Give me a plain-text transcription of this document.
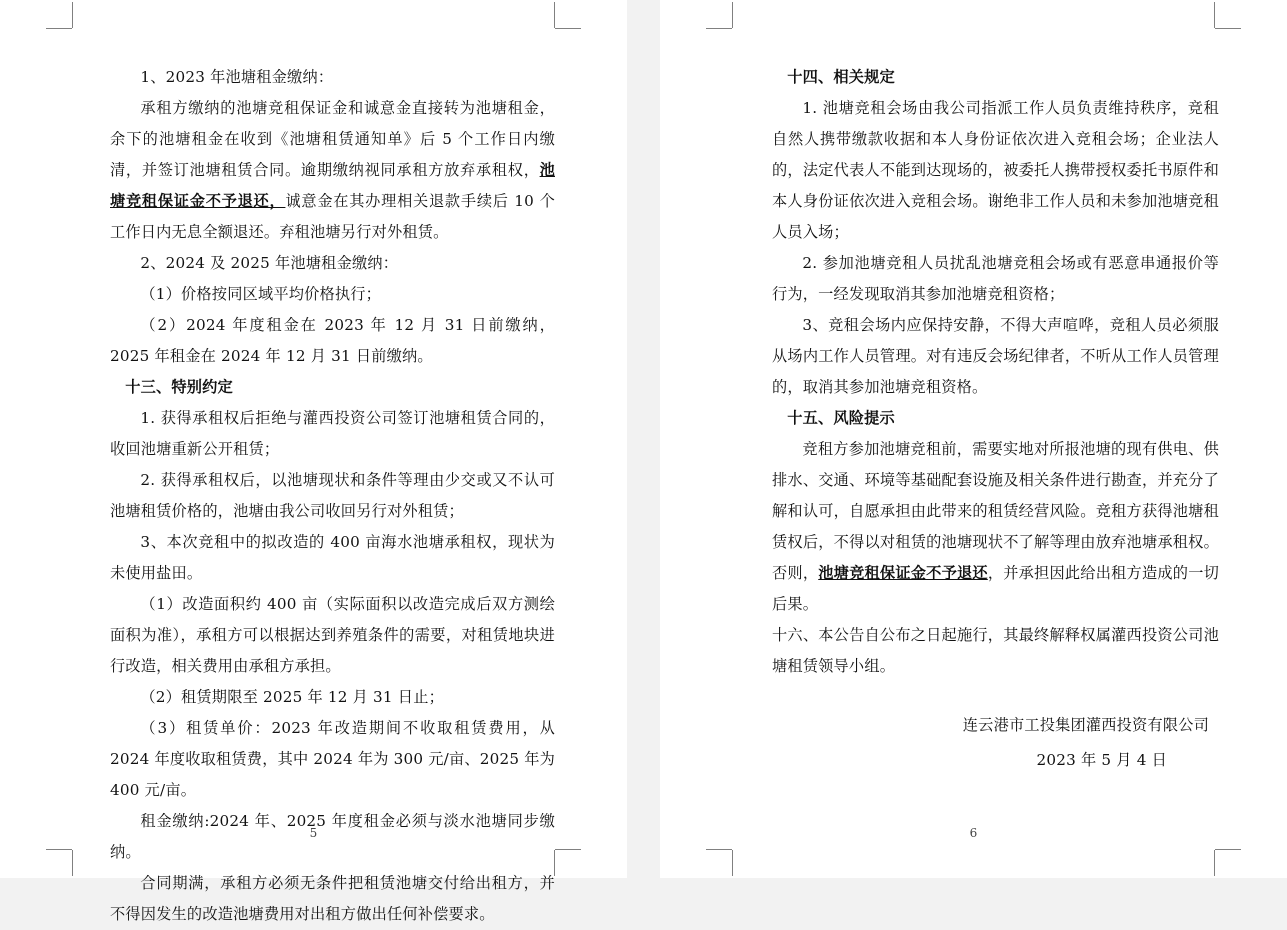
1、2023 年池塘租金缴纳：

承租方缴纳的池塘竞租保证金和诚意金直接转为池塘租金，余下的池塘租金在收到《池塘租赁通知单》后 5 个工作日内缴清，并签订池塘租赁合同。逾期缴纳视同承租方放弃承租权，池塘竞租保证金不予退还，诚意金在其办理相关退款手续后 10 个工作日内无息全额退还。弃租池塘另行对外租赁。

2、2024 及 2025 年池塘租金缴纳：

（1）价格按同区域平均价格执行；

（2）2024 年度租金在 2023 年 12 月 31 日前缴纳，2025 年租金在 2024 年 12 月 31 日前缴纳。

十三、特别约定

1. 获得承租权后拒绝与灌西投资公司签订池塘租赁合同的，收回池塘重新公开租赁；

2. 获得承租权后，以池塘现状和条件等理由少交或又不认可池塘租赁价格的，池塘由我公司收回另行对外租赁；

3、本次竞租中的拟改造的 400 亩海水池塘承租权，现状为未使用盐田。

（1）改造面积约 400 亩（实际面积以改造完成后双方测绘面积为准），承租方可以根据达到养殖条件的需要，对租赁地块进行改造，相关费用由承租方承担。

（2）租赁期限至 2025 年 12 月 31 日止；

（3）租赁单价：2023 年改造期间不收取租赁费用，从 2024 年度收取租赁费，其中 2024 年为 300 元/亩、2025 年为 400 元/亩。

租金缴纳:2024 年、2025 年度租金必须与淡水池塘同步缴纳。

合同期满，承租方必须无条件把租赁池塘交付给出租方，并不得因发生的改造池塘费用对出租方做出任何补偿要求。

5

十四、相关规定

1. 池塘竞租会场由我公司指派工作人员负责维持秩序，竞租自然人携带缴款收据和本人身份证依次进入竞租会场；企业法人的，法定代表人不能到达现场的，被委托人携带授权委托书原件和本人身份证依次进入竞租会场。谢绝非工作人员和未参加池塘竞租人员入场；

2. 参加池塘竞租人员扰乱池塘竞租会场或有恶意串通报价等行为，一经发现取消其参加池塘竞租资格；

3、竞租会场内应保持安静，不得大声喧哗，竞租人员必须服从场内工作人员管理。对有违反会场纪律者，不听从工作人员管理的，取消其参加池塘竞租资格。

十五、风险提示

竞租方参加池塘竞租前，需要实地对所报池塘的现有供电、供排水、交通、环境等基础配套设施及相关条件进行勘查，并充分了解和认可，自愿承担由此带来的租赁经营风险。竞租方获得池塘租赁权后，不得以对租赁的池塘现状不了解等理由放弃池塘承租权。否则，池塘竞租保证金不予退还，并承担因此给出租方造成的一切后果。

十六、本公告自公布之日起施行，其最终解释权属灌西投资公司池塘租赁领导小组。

连云港市工投集团灌西投资有限公司

2023 年 5 月 4 日

6
